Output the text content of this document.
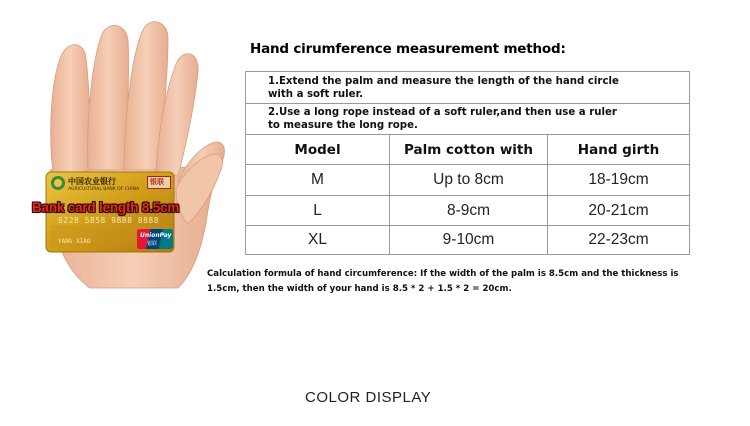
中国农业银行
AGRICULTURAL BANK OF CHINA
银联
6228 5858 9888 8888
YANG XIAO
UnionPay
银联
Bank card length 8.5cm
Hand cirumference measurement method:
1.Extend the palm and measure the length of the hand circle with a soft ruler.
2.Use a long rope instead of a soft ruler,and then use a ruler to measure the long rope.
Model	Palm cotton with	Hand girth
M	Up to 8cm	18-19cm
L	8-9cm	20-21cm
XL	9-10cm	22-23cm
Calculation formula of hand circumference: If the width of the palm is 8.5cm and the thickness is 1.5cm, then the width of your hand is 8.5 * 2 + 1.5 * 2 = 20cm.
COLOR DISPLAY
